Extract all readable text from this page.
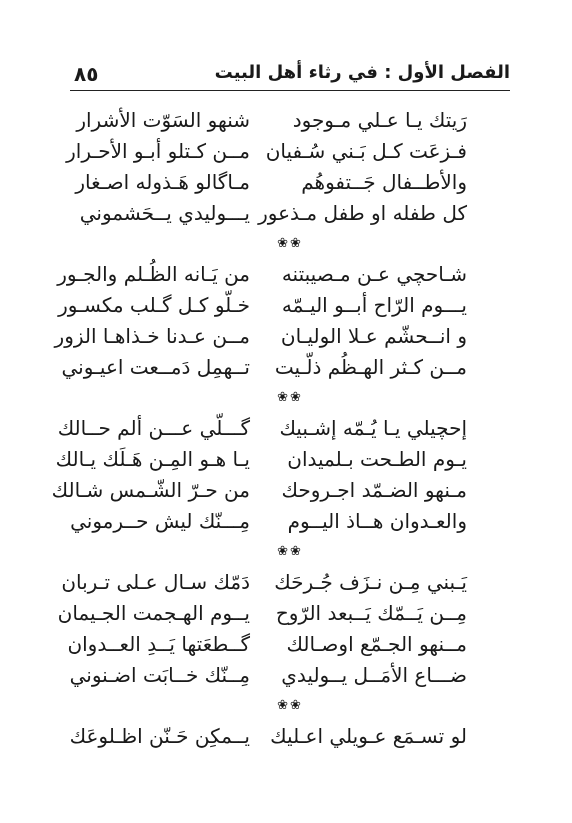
٨٥	الفصل الأول : في رثاء أهل البيت
رَيتك يـا عـلي مـوجود
شنهو السَوّت الأشرار
فـزعَت كـل بَـني سُـفيان
مــن كـتلو أبـو الأحـرار
والأطــفال جَــتفوهُم
مـاگالو هَـذوله اصـغار
كل طفله او طفل مـذعور
يـــوليدي يــحَشموني
❀❀
شـاحچي عـن مـصيبتنه
من يَـانه الظُـلم والجـور
يـــوم الرّاح أبــو اليـمّه
خـلّو كـل گـلب مكسـور
و انــحشّم عـلا الوليـان
مــن عـدنا خـذاهـا الزور
مــن كـثر الهـظُم ذلّـيت
تــهمِل دَمــعت اعيـوني
❀❀
إحچيلي يـا يُـمّه إشـبيك
گـــلّي عـــن ألم حــالك
يـوم الطـحت بـلميدان
يـا هـو المِـن هَـلَك يـالك
مـنهو الضـمّد اجـروحك
من حـرّ الشّـمس شـالك
والعـدوان هــاذ اليــوم
مِـــنّك ليش حــرموني
❀❀
يَـبني مِـن نـزَف جُـرحَك
دَمّك سـال عـلى تـربان
مِــن يَــمّك يَــبعد الرّوح
يــوم الهـجمت الجـيمان
مــنهو الجـمّع اوصـالك
گــطعَتها يَــدِ العــدوان
ضـــاع الأمَــل يــوليدي
مِــنّك خــابَت اضـنوني
❀❀
لو تسـمَع عـويلي اعـليك
يــمكِن حَـنّن اظـلوعَك
